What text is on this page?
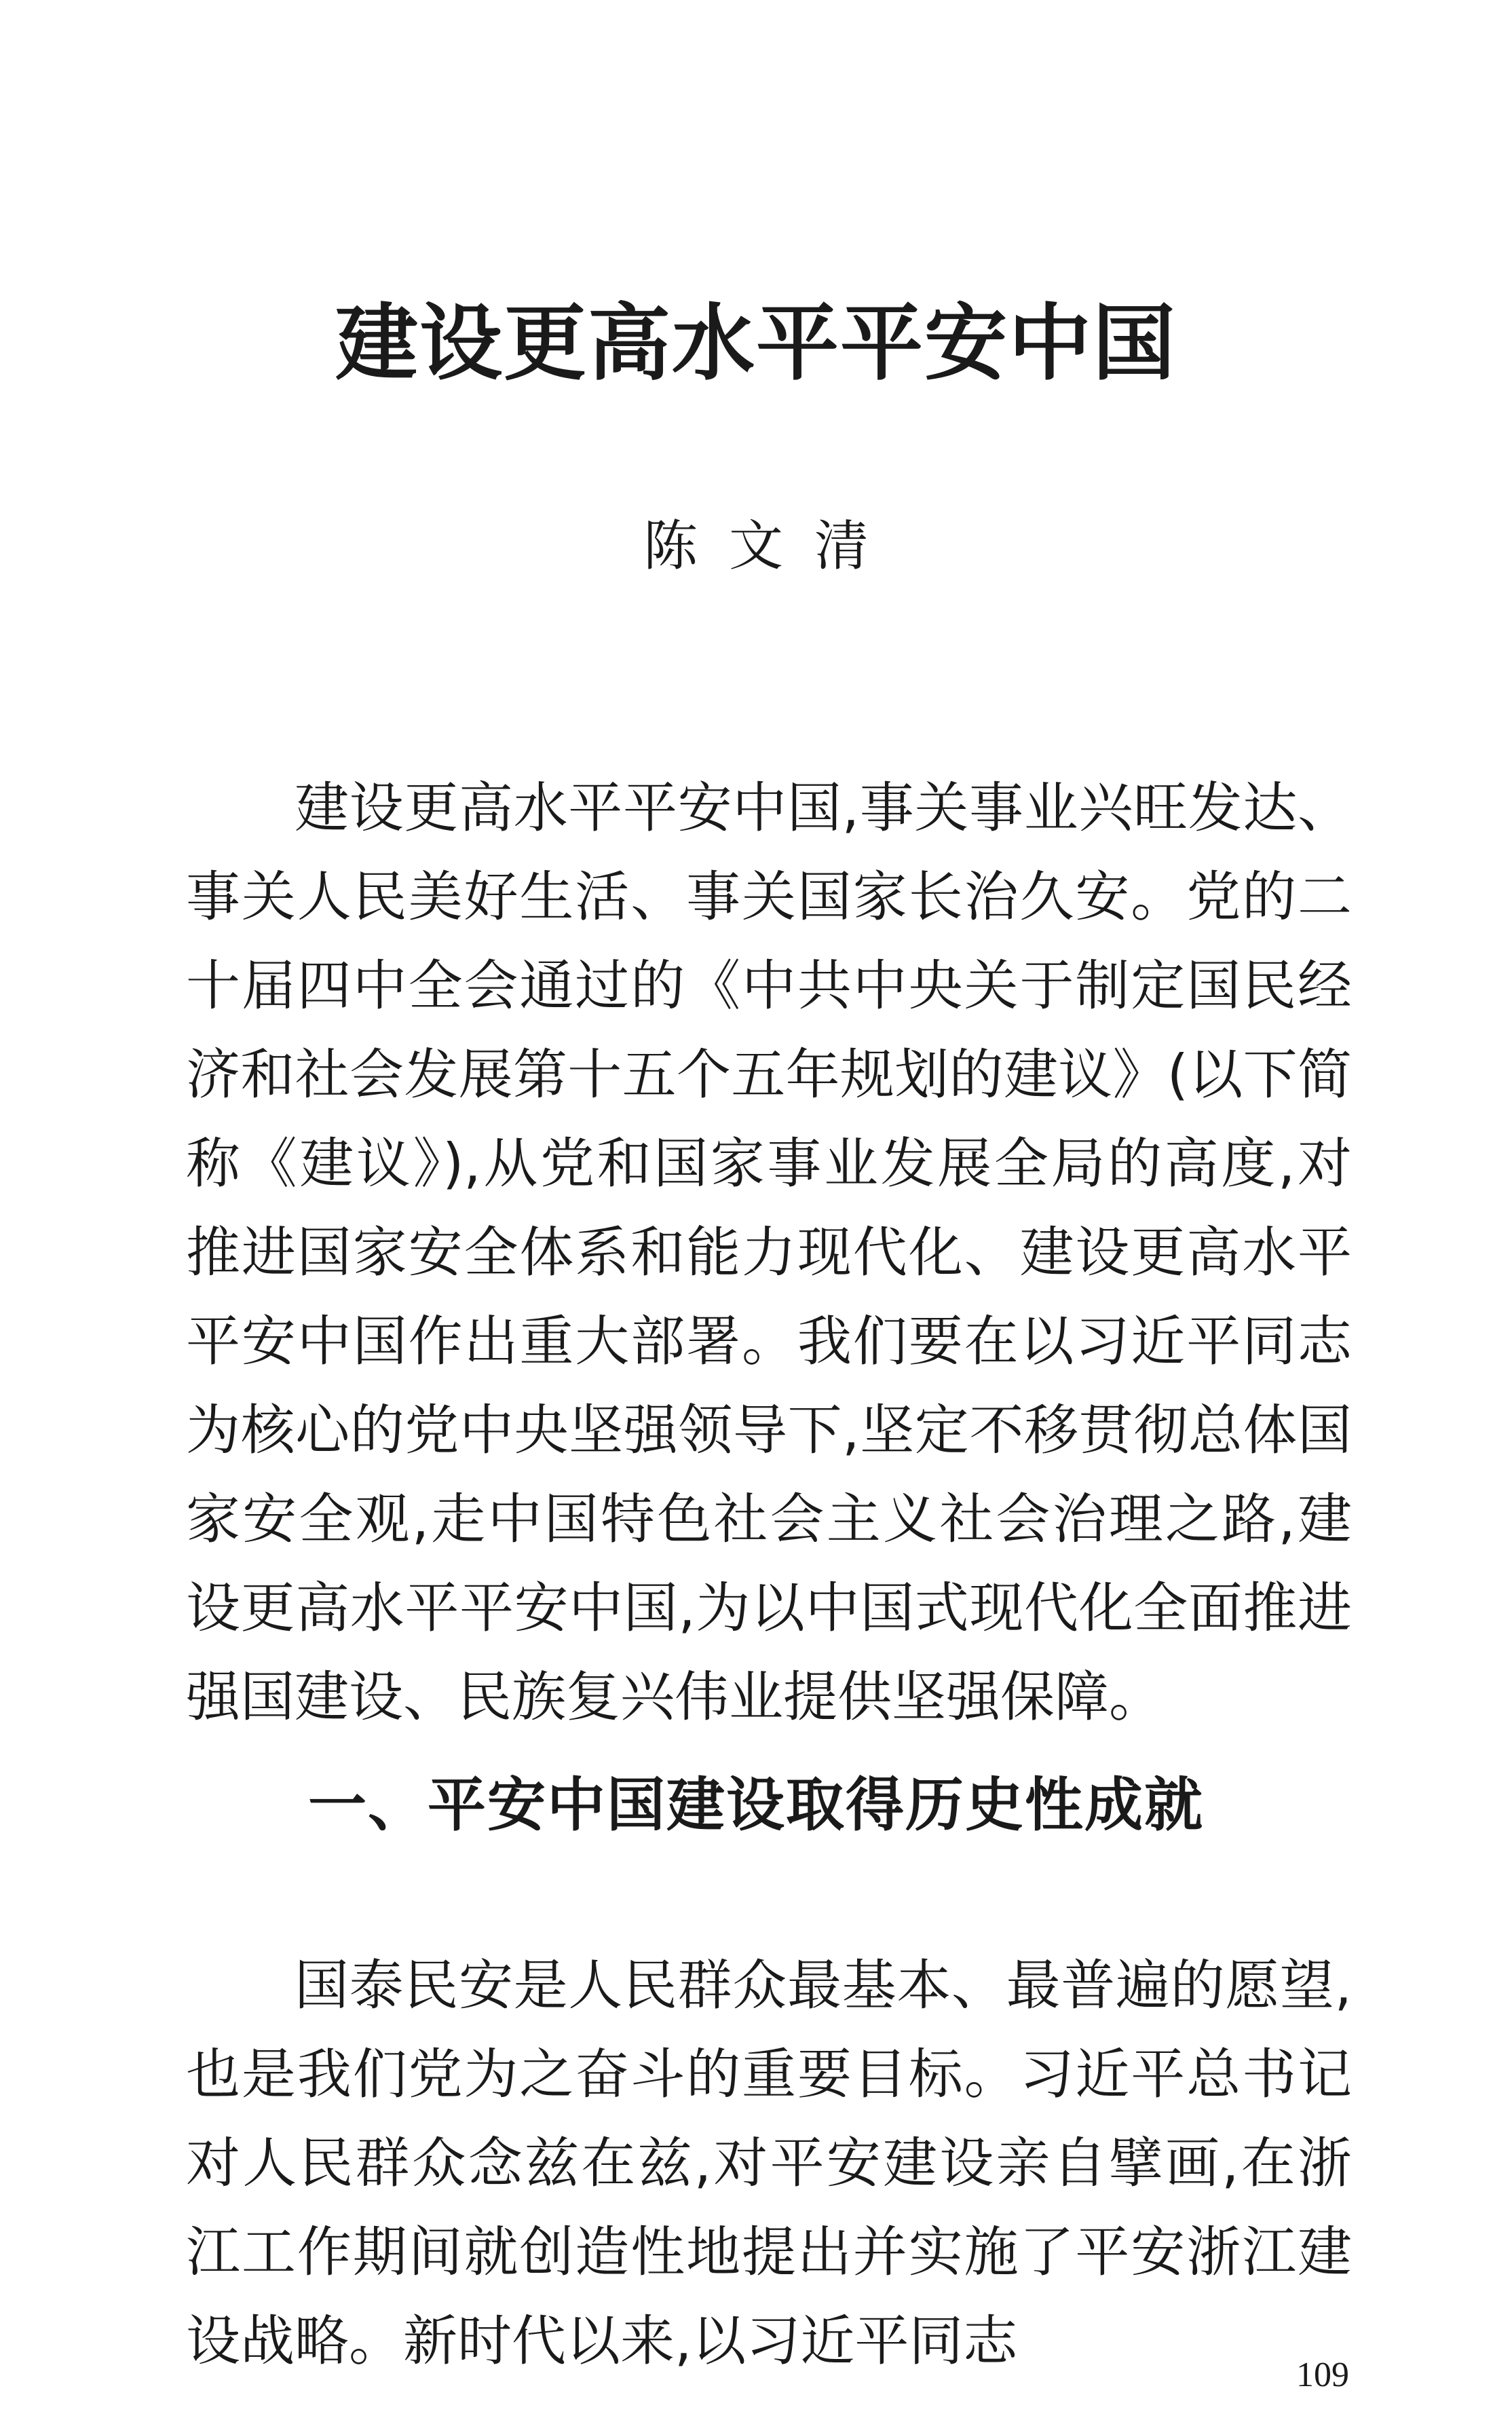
建设更高水平平安中国
陈文清

建设更高水平平安中国,事关事业兴旺发达、事关人民美好生活、事关国家长治久安。党的二十届四中全会通过的《中共中央关于制定国民经济和社会发展第十五个五年规划的建议》(以下简称《建议》),从党和国家事业发展全局的高度,对推进国家安全体系和能力现代化、建设更高水平平安中国作出重大部署。我们要在以习近平同志为核心的党中央坚强领导下,坚定不移贯彻总体国家安全观,走中国特色社会主义社会治理之路,建设更高水平平安中国,为以中国式现代化全面推进强国建设、民族复兴伟业提供坚强保障。

一、平安中国建设取得历史性成就

国泰民安是人民群众最基本、最普遍的愿望,也是我们党为之奋斗的重要目标。习近平总书记对人民群众念兹在兹,对平安建设亲自擘画,在浙江工作期间就创造性地提出并实施了平安浙江建设战略。新时代以来,以习近平同志

109
